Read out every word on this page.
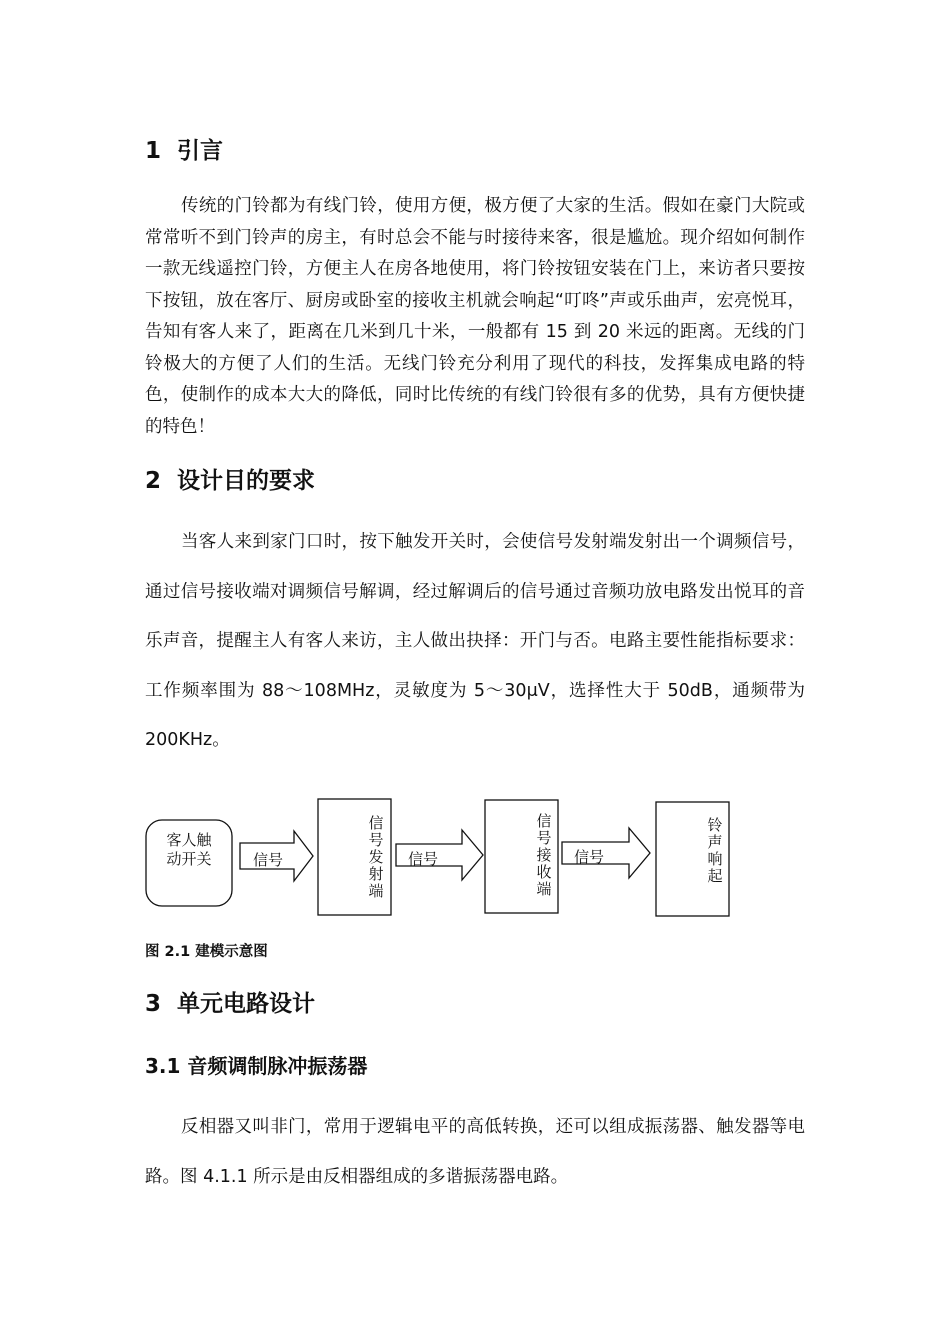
1 引言

传统的门铃都为有线门铃，使用方便，极方便了大家的生活。假如在豪门大院或常常听不到门铃声的房主，有时总会不能与时接待来客，很是尴尬。现介绍如何制作一款无线遥控门铃，方便主人在房各地使用，将门铃按钮安装在门上，来访者只要按下按钮，放在客厅、厨房或卧室的接收主机就会响起“叮咚”声或乐曲声，宏亮悦耳，告知有客人来了，距离在几米到几十米，一般都有 15 到 20 米远的距离。无线的门铃极大的方便了人们的生活。无线门铃充分利用了现代的科技，发挥集成电路的特色，使制作的成本大大的降低，同时比传统的有线门铃很有多的优势，具有方便快捷的特色！

2 设计目的要求

当客人来到家门口时，按下触发开关时，会使信号发射端发射出一个调频信号，通过信号接收端对调频信号解调，经过解调后的信号通过音频功放电路发出悦耳的音乐声音，提醒主人有客人来访，主人做出抉择：开门与否。电路主要性能指标要求：工作频率围为 88～108MHz，灵敏度为 5～30μV，选择性大于 50dB，通频带为 200KHz。

客人触
动开关	信号
信
号
发
射
端
信号
信
号
接
收
端
信号
铃
声
响
起
图 2.1 建模示意图
3 单元电路设计
3.1 音频调制脉冲振荡器

反相器又叫非门，常用于逻辑电平的高低转换，还可以组成振荡器、触发器等电路。图 4.1.1 所示是由反相器组成的多谐振荡器电路。
